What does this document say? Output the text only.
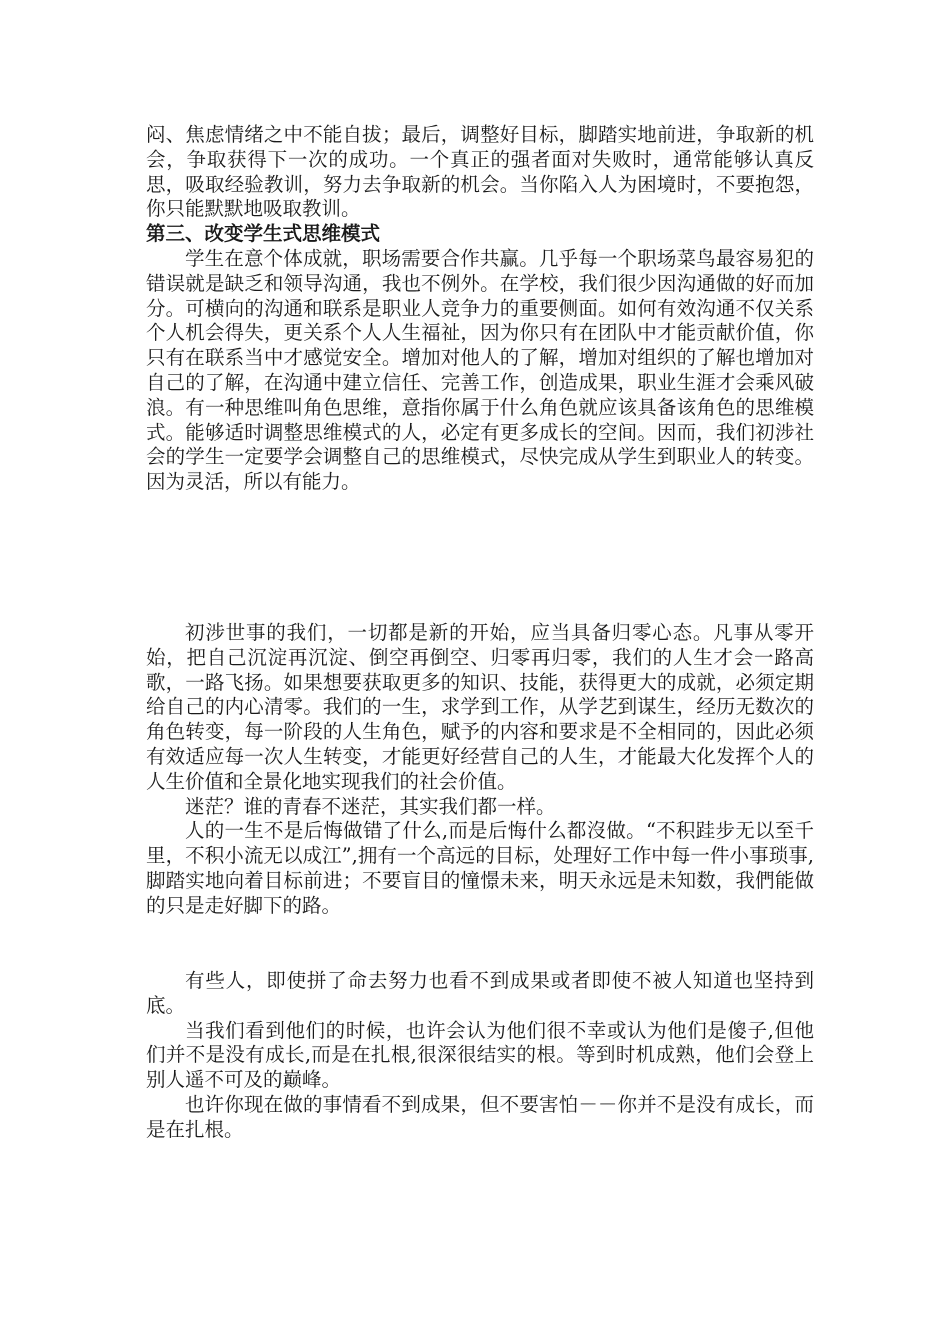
闷、焦虑情绪之中不能自拔；最后，调整好目标，脚踏实地前进，争取新的机会，争取获得下一次的成功。一个真正的强者面对失败时，通常能够认真反思，吸取经验教训，努力去争取新的机会。当你陷入人为困境时，不要抱怨，你只能默默地吸取教训。

第三、改变学生式思维模式

学生在意个体成就，职场需要合作共赢。几乎每一个职场菜鸟最容易犯的错误就是缺乏和领导沟通，我也不例外。在学校，我们很少因沟通做的好而加分。可横向的沟通和联系是职业人竞争力的重要侧面。如何有效沟通不仅关系个人机会得失，更关系个人人生福祉，因为你只有在团队中才能贡献价值，你只有在联系当中才感觉安全。增加对他人的了解，增加对组织的了解也增加对自己的了解，在沟通中建立信任、完善工作，创造成果，职业生涯才会乘风破浪。有一种思维叫角色思维，意指你属于什么角色就应该具备该角色的思维模式。能够适时调整思维模式的人，必定有更多成长的空间。因而，我们初涉社会的学生一定要学会调整自己的思维模式，尽快完成从学生到职业人的转变。因为灵活，所以有能力。

初涉世事的我们，一切都是新的开始，应当具备归零心态。凡事从零开始，把自己沉淀再沉淀、倒空再倒空、归零再归零，我们的人生才会一路高歌，一路飞扬。如果想要获取更多的知识、技能，获得更大的成就，必须定期给自己的内心清零。我们的一生，求学到工作，从学艺到谋生，经历无数次的角色转变，每一阶段的人生角色，赋予的内容和要求是不全相同的，因此必须有效适应每一次人生转变，才能更好经营自己的人生，才能最大化发挥个人的人生价值和全景化地实现我们的社会价值。

迷茫？谁的青春不迷茫，其实我们都一样。

人的一生不是后悔做错了什么,而是后悔什么都沒做。“不积跬步无以至千里，不积小流无以成江”,拥有一个高远的目标，处理好工作中每一件小事琐事,脚踏实地向着目标前进；不要盲目的憧憬未来，明天永远是未知数，我們能做的只是走好脚下的路。

有些人，即使拼了命去努力也看不到成果或者即使不被人知道也坚持到底。

当我们看到他们的时候，也许会认为他们很不幸或认为他们是傻子,但他们并不是没有成长,而是在扎根,很深很结实的根。等到时机成熟，他们会登上别人遥不可及的巅峰。

也许你现在做的事情看不到成果，但不要害怕－－你并不是没有成长，而是在扎根。
